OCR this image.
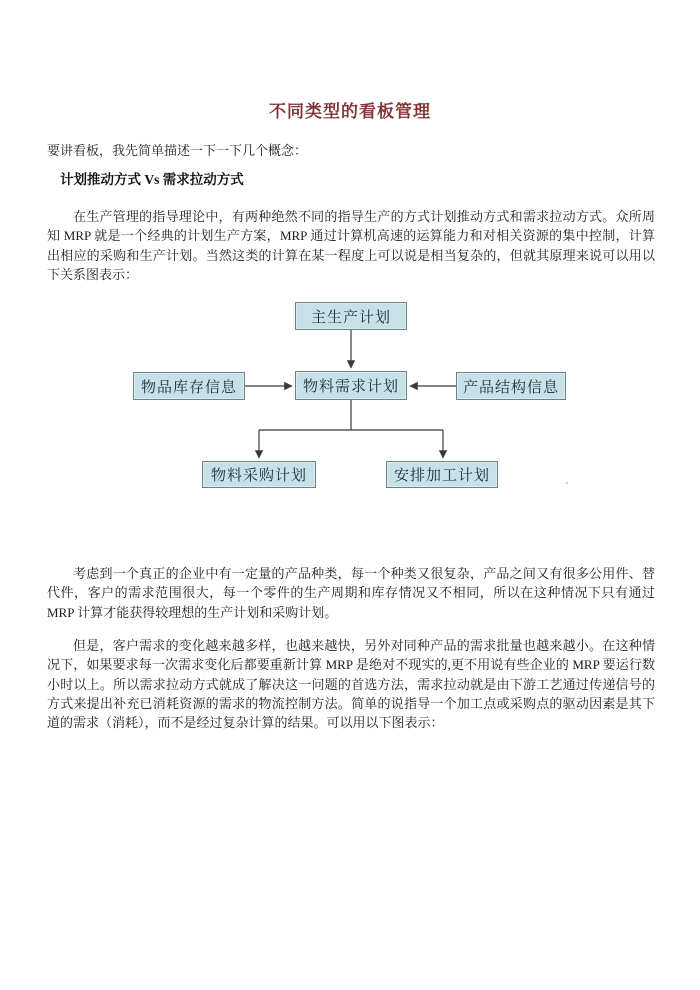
不同类型的看板管理

要讲看板，我先简单描述一下一下几个概念：

计划推动方式 Vs 需求拉动方式

在生产管理的指导理论中，有两种绝然不同的指导生产的方式计划推动方式和需求拉动方式。众所周知 MRP 就是一个经典的计划生产方案，MRP 通过计算机高速的运算能力和对相关资源的集中控制，计算出相应的采购和生产计划。当然这类的计算在某一程度上可以说是相当复杂的，但就其原理来说可以用以下关系图表示：

主生产计划
物品库存信息	物料需求计划	产品结构信息
物料采购计划	安排加工计划
'

考虑到一个真正的企业中有一定量的产品种类，每一个种类又很复杂，产品之间又有很多公用件、替代件，客户的需求范围很大，每一个零件的生产周期和库存情况又不相同，所以在这种情况下只有通过 MRP 计算才能获得较理想的生产计划和采购计划。

但是，客户需求的变化越来越多样，也越来越快，另外对同种产品的需求批量也越来越小。在这种情况下，如果要求每一次需求变化后都要重新计算 MRP 是绝对不现实的,更不用说有些企业的 MRP 要运行数小时以上。所以需求拉动方式就成了解决这一问题的首选方法，需求拉动就是由下游工艺通过传递信号的方式来提出补充已消耗资源的需求的物流控制方法。简单的说指导一个加工点或采购点的驱动因素是其下道的需求（消耗），而不是经过复杂计算的结果。可以用以下图表示：
